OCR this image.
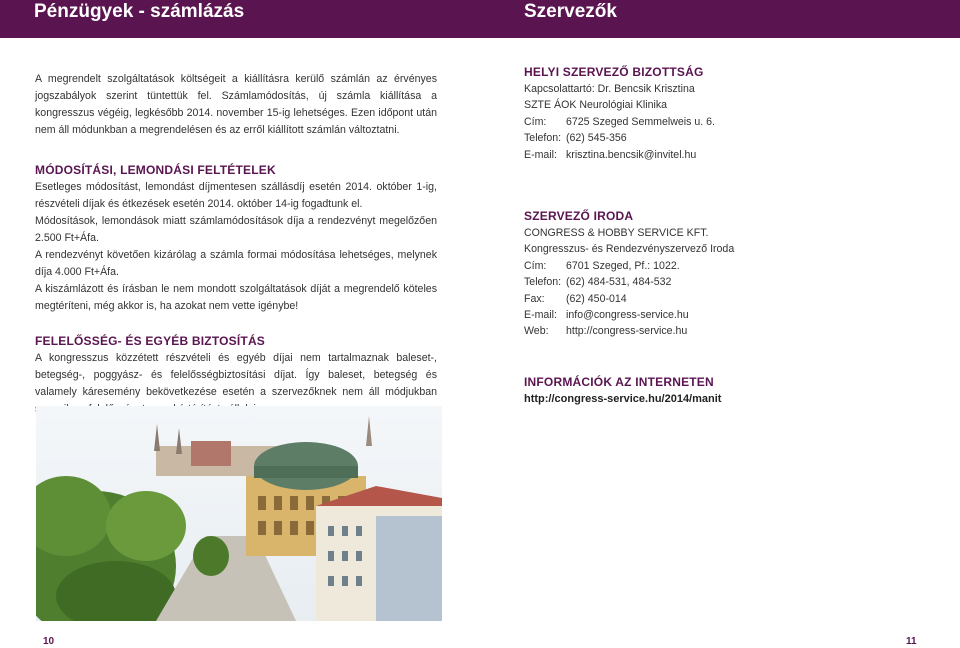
Pénzügyek - számlázás	Szervezők

A megrendelt szolgáltatások költségeit a kiállításra kerülő számlán az érvényes jogszabályok szerint tüntettük fel. Számlamódosítás, új számla kiállítása a kongresszus végéig, legkésőbb 2014. november 15-ig lehetséges. Ezen időpont után nem áll módunkban a megrendelésen és az erről kiállított számlán változtatni.

MÓDOSÍTÁSI, LEMONDÁSI FELTÉTELEK

Esetleges módosítást, lemondást díjmentesen szállásdíj esetén 2014. október 1-ig, részvételi díjak és étkezések esetén 2014. október 14-ig fogadtunk el.

Módosítások, lemondások miatt számlamódosítások díja a rendezvényt megelőzően 2.500 Ft+Áfa.

A rendezvényt követően kizárólag a számla formai módosítása lehetséges, melynek díja 4.000 Ft+Áfa.

A kiszámlázott és írásban le nem mondott szolgáltatások díját a megrendelő köteles megtéríteni, még akkor is, ha azokat nem vette igénybe!

FELELŐSSÉG- ÉS EGYÉB BIZTOSÍTÁS

A kongresszus közzétett részvételi és egyéb díjai nem tartalmaznak baleset-, betegség-, poggyász- és felelősségbiztosítási díjat. Így baleset, betegség és valamely káresemény bekövetkezése esetén a szervezőknek nem áll módjukban

HELYI SZERVEZŐ BIZOTTSÁG
Kapcsolattartó: Dr. Bencsik Krisztina
SZTE ÁOK Neurológiai Klinika
Cím:	6725 Szeged Semmelweis u. 6.
Telefon: (62) 545-356
E-mail: krisztina.bencsik@invitel.hu
SZERVEZŐ IRODA
CONGRESS & HOBBY SERVICE KFT.
Kongresszus- és Rendezvényszervező Iroda
Cím:	6701 Szeged, Pf.: 1022.
Telefon: (62) 484-531, 484-532
Fax:	(62) 450-014
E-mail: info@congress-service.hu
Web:	http://congress-service.hu
INFORMÁCIÓK AZ INTERNETEN
http://congress-service.hu/2014/manit
10	11
